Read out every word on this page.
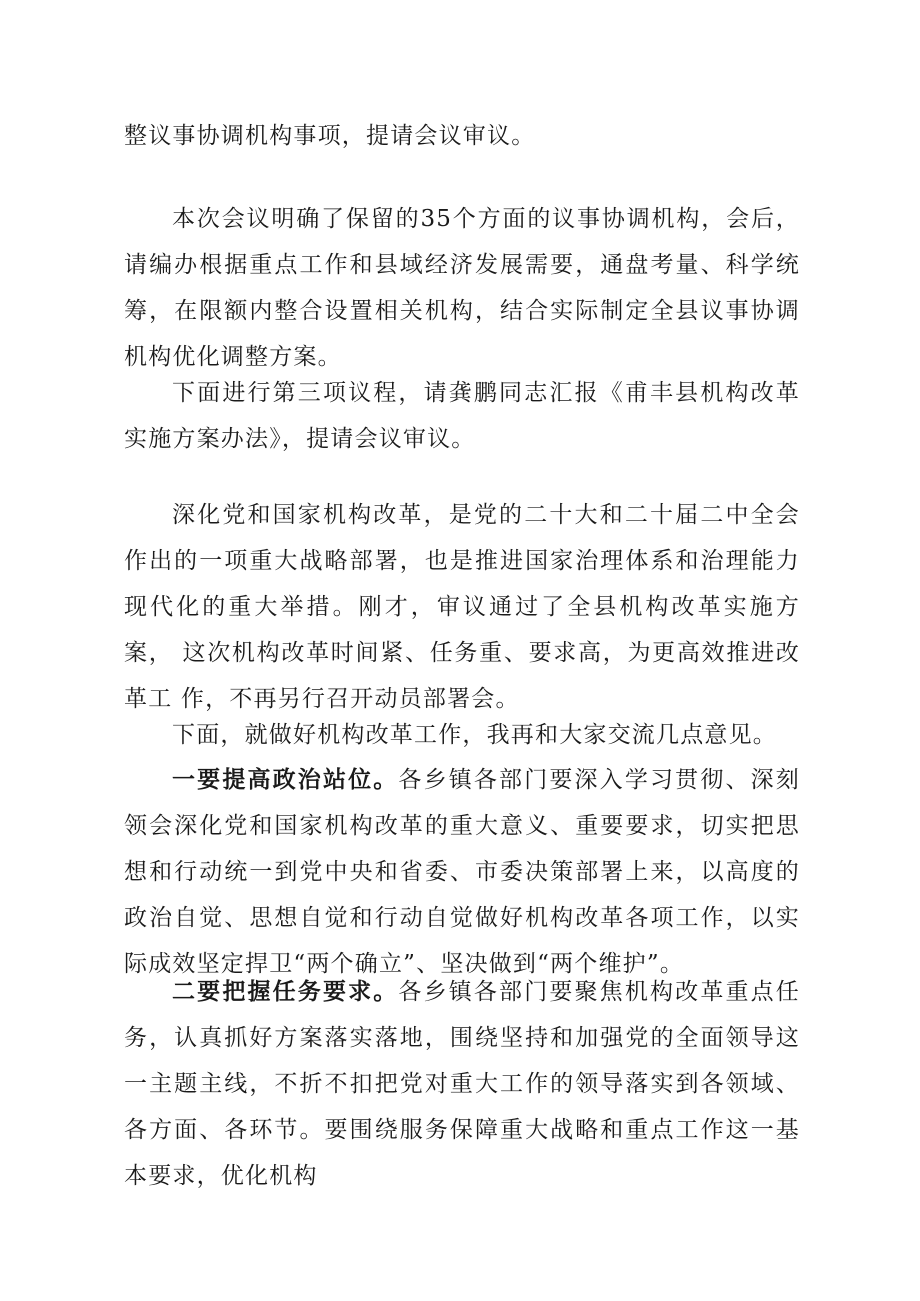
整议事协调机构事项，提请会议审议。

本次会议明确了保留的35个方面的议事协调机构，会后，请编办根据重点工作和县域经济发展需要，通盘考量、科学统 筹，在限额内整合设置相关机构，结合实际制定全县议事协调 机构优化调整方案。

下面进行第三项议程，请龚鹏同志汇报《甫丰县机构改革 实施方案办法》，提请会议审议。

深化党和国家机构改革，是党的二十大和二十届二中全会 作出的一项重大战略部署，也是推进国家治理体系和治理能力 现代化的重大举措。刚才，审议通过了全县机构改革实施方案， 这次机构改革时间紧、任务重、要求高，为更高效推进改革工 作，不再另行召开动员部署会。

下面，就做好机构改革工作，我再和大家交流几点意见。

一要提高政治站位。各乡镇各部门要深入学习贯彻、深刻 领会深化党和国家机构改革的重大意义、重要要求，切实把思 想和行动统一到党中央和省委、市委决策部署上来，以高度的 政治自觉、思想自觉和行动自觉做好机构改革各项工作，以实 际成效坚定捍卫“两个确立”、坚决做到“两个维护”。

二要把握任务要求。各乡镇各部门要聚焦机构改革重点任 务，认真抓好方案落实落地，围绕坚持和加强党的全面领导这 一主题主线，不折不扣把党对重大工作的领导落实到各领域、 各方面、各环节。要围绕服务保障重大战略和重点工作这一基 本要求，优化机构
